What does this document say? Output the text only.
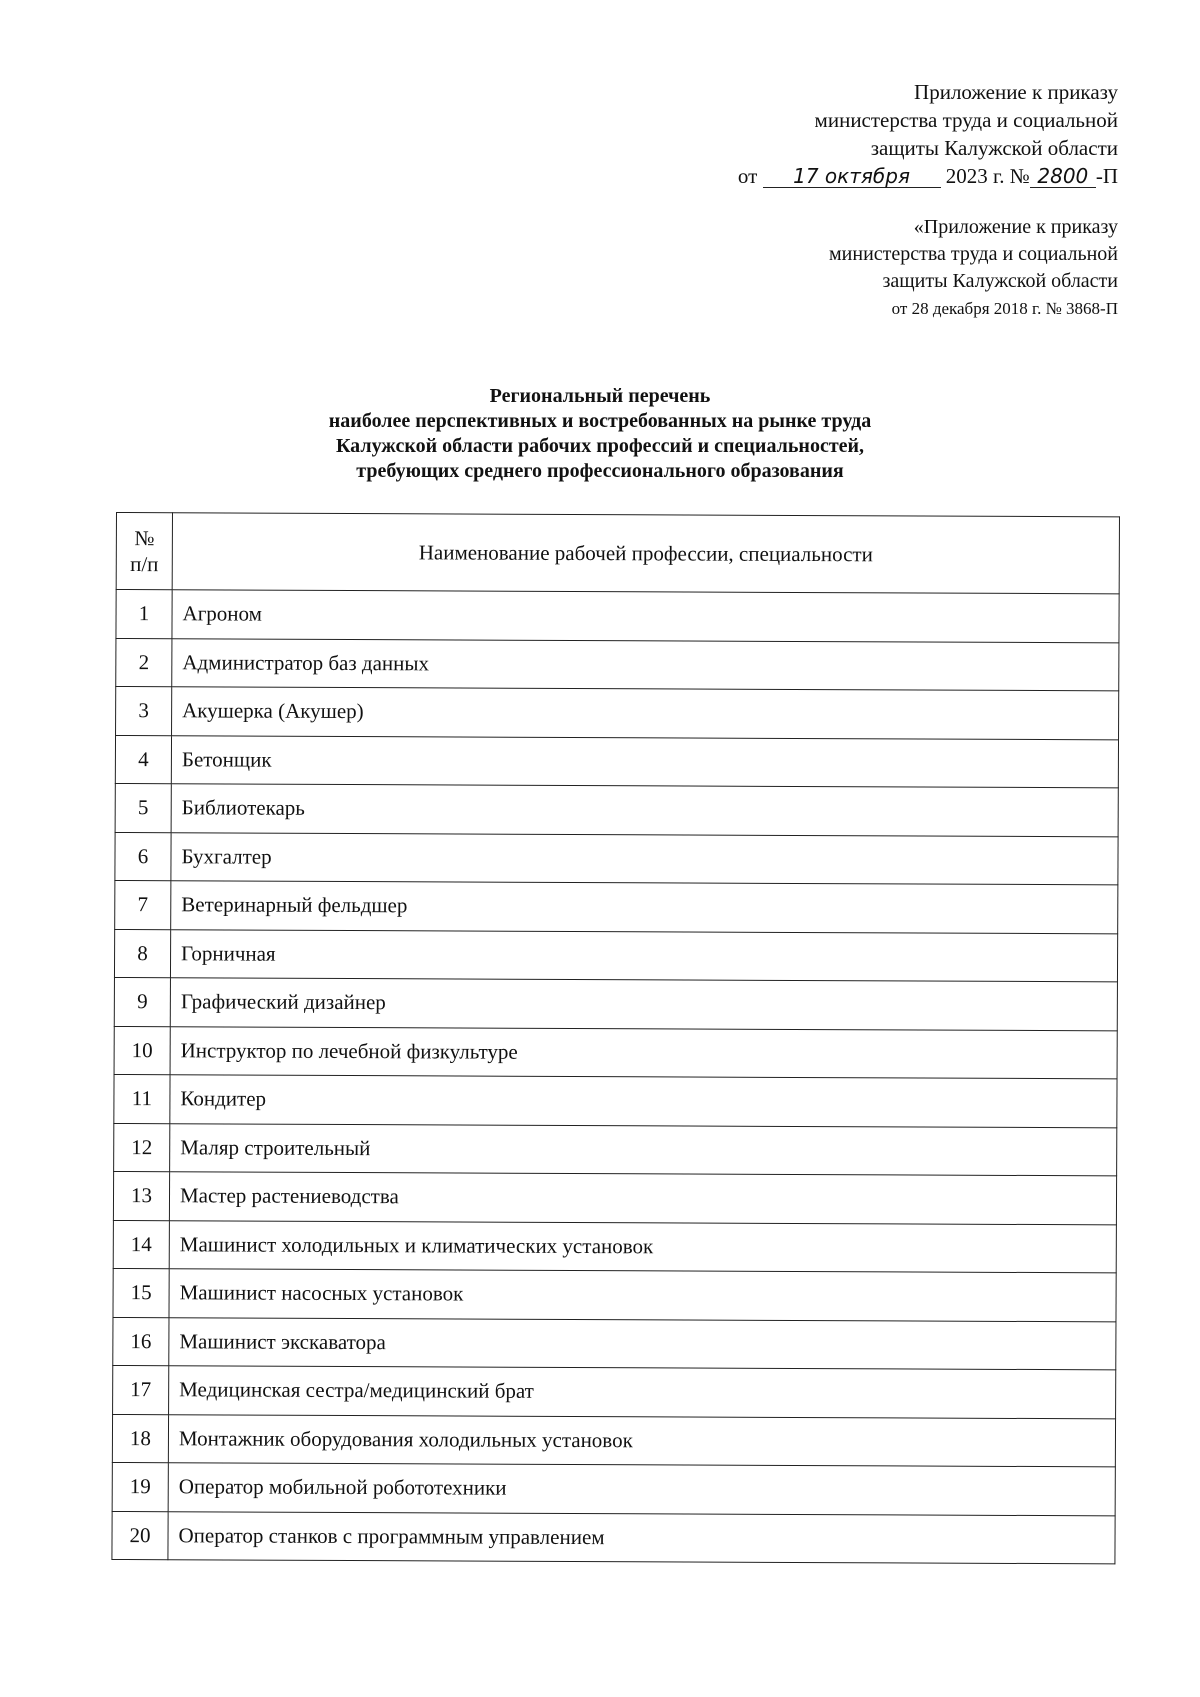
Приложение к приказу
министерства труда и социальной
защиты Калужской области
от 17 октября 2023 г. № 2800 -П
«Приложение к приказу
министерства труда и социальной
защиты Калужской области
от 28 декабря 2018 г. № 3868-П
Региональный перечень
наиболее перспективных и востребованных на рынке труда
Калужской области рабочих профессий и специальностей,
требующих среднего профессионального образования
№
п/п	Наименование рабочей профессии, специальности
1	Агроном
2	Администратор баз данных
3	Акушерка (Акушер)
4	Бетонщик
5	Библиотекарь
6	Бухгалтер
7	Ветеринарный фельдшер
8	Горничная
9	Графический дизайнер
10	Инструктор по лечебной физкультуре
11	Кондитер
12	Маляр строительный
13	Мастер растениеводства
14	Машинист холодильных и климатических установок
15	Машинист насосных установок
16	Машинист экскаватора
17	Медицинская сестра/медицинский брат
18	Монтажник оборудования холодильных установок
19	Оператор мобильной робототехники
20	Оператор станков с программным управлением
